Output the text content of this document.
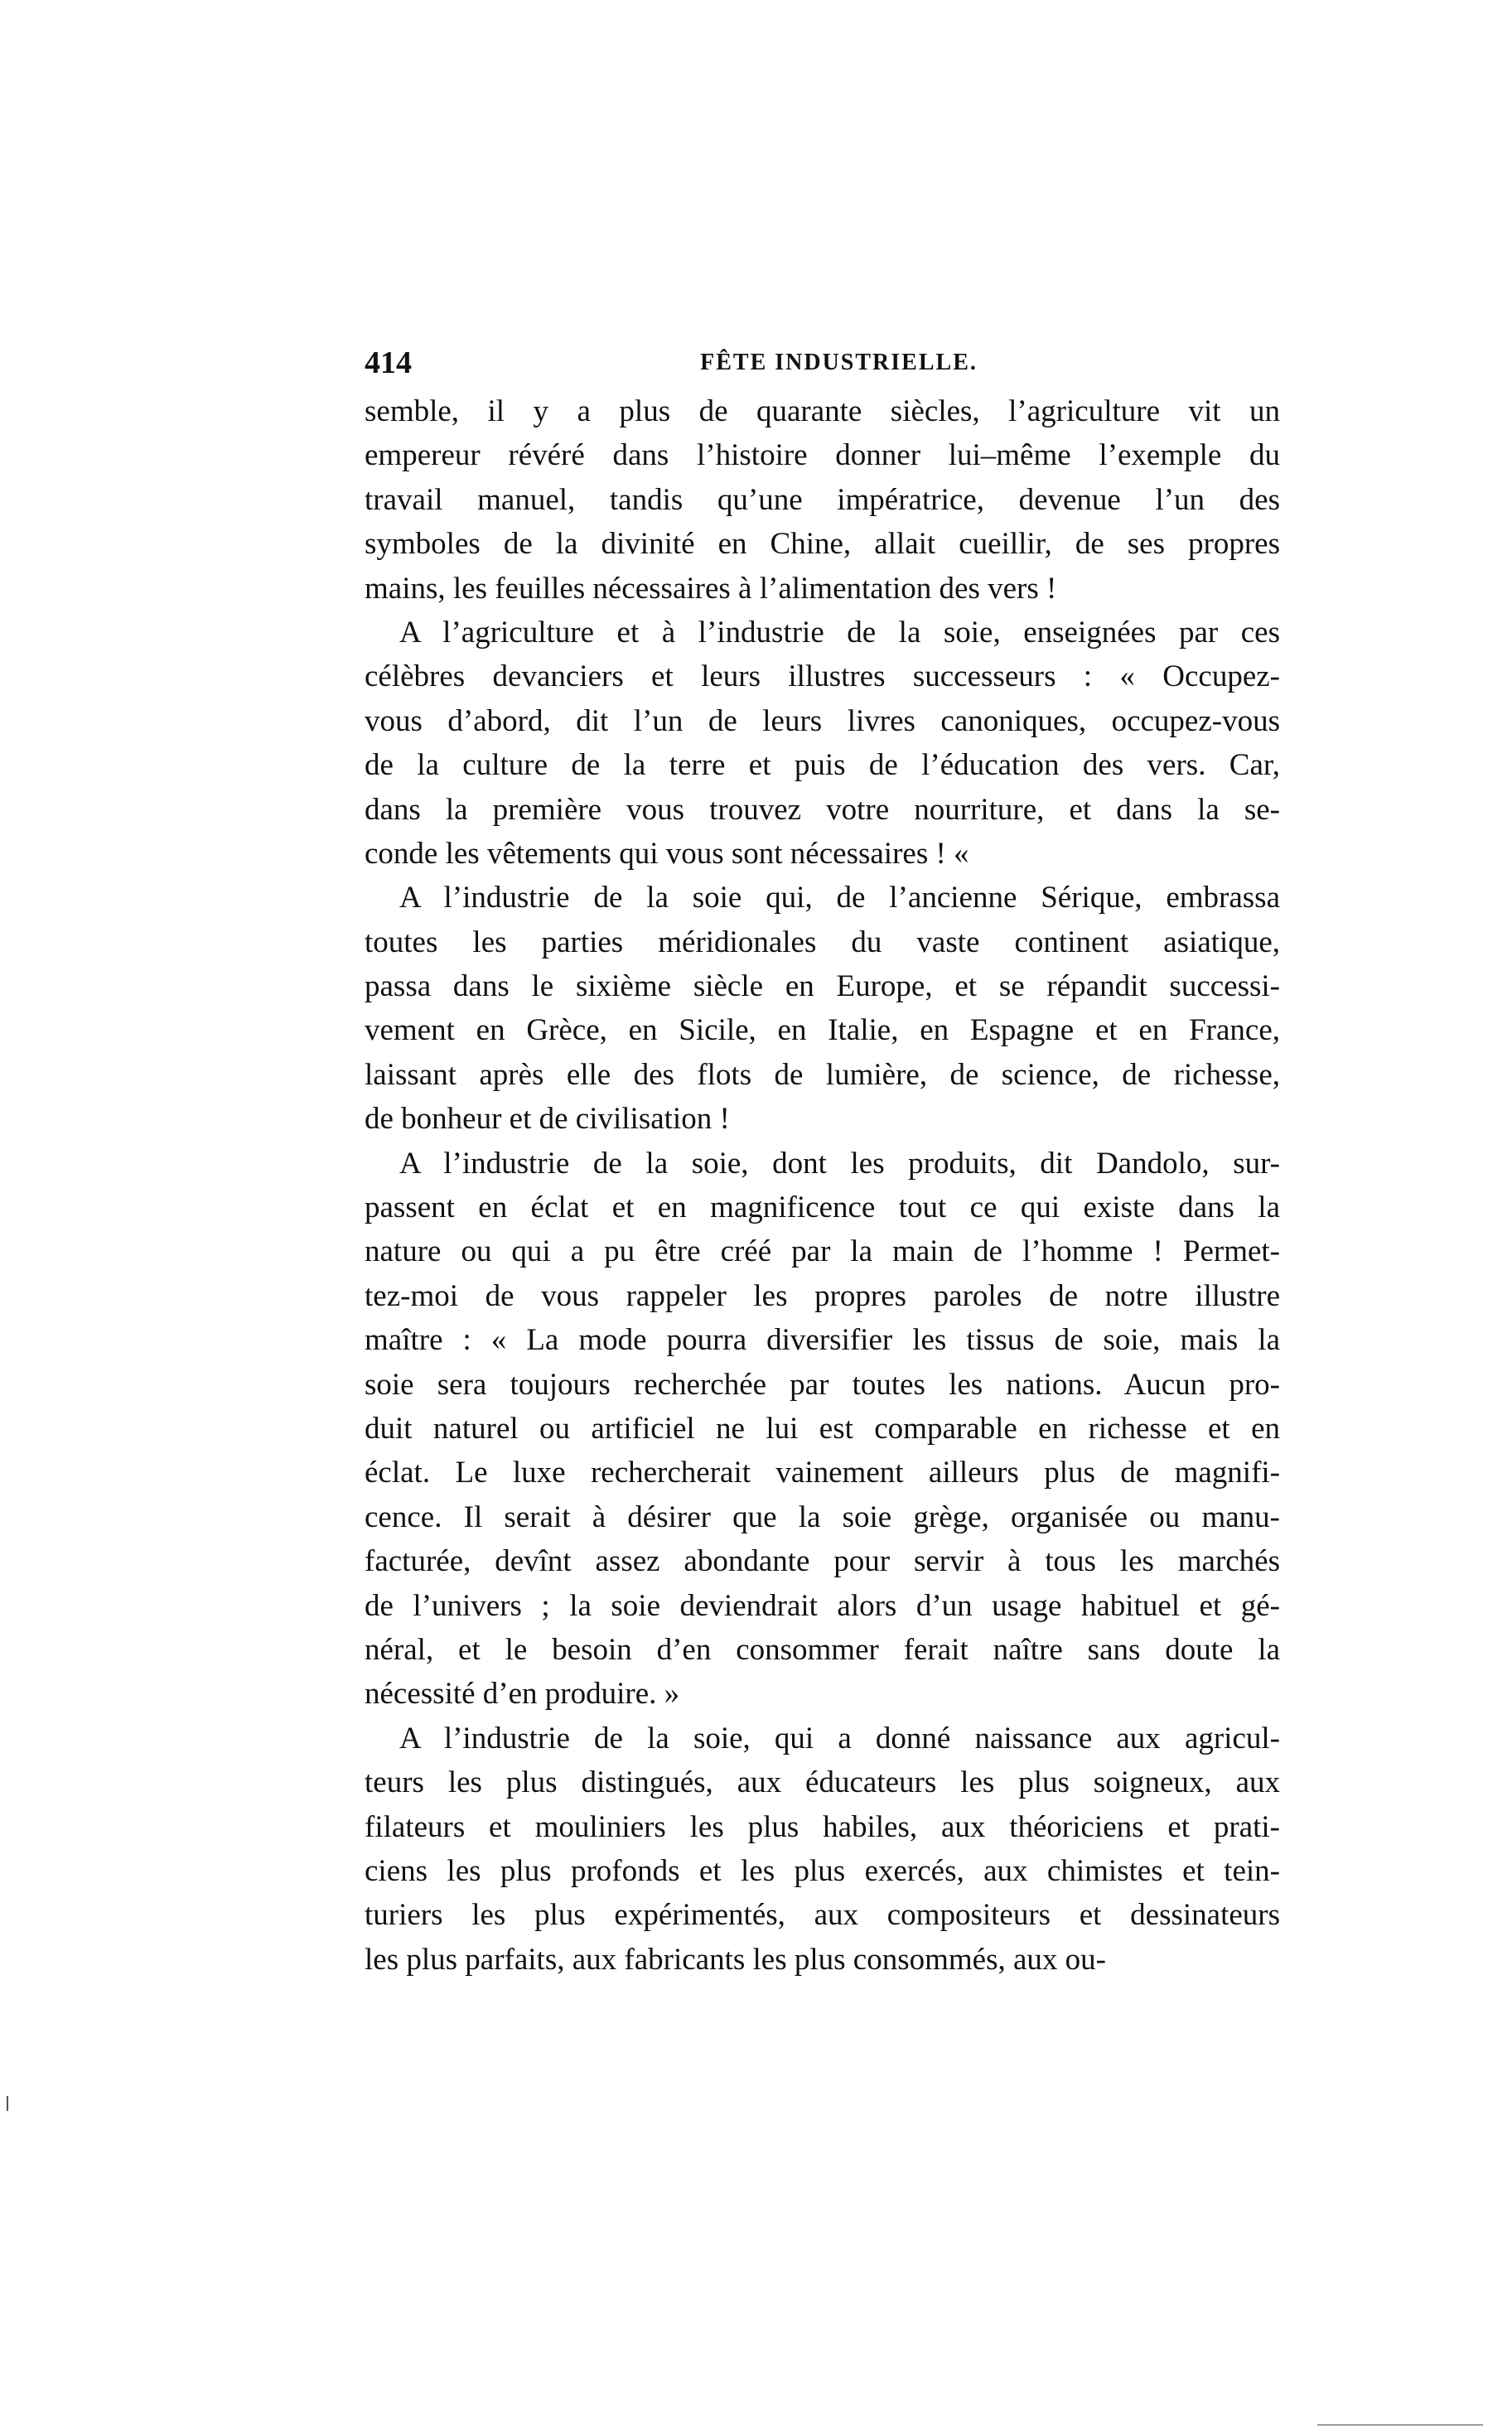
414	FÊTE INDUSTRIELLE.
semble, il y a plus de quarante siècles, l’agriculture vit un
empereur révéré dans l’histoire donner lui–même l’exemple du
travail manuel, tandis qu’une impératrice, devenue l’un des
symboles de la divinité en Chine, allait cueillir, de ses propres
mains, les feuilles nécessaires à l’alimentation des vers !
A l’agriculture et à l’industrie de la soie, enseignées par ces
célèbres devanciers et leurs illustres successeurs : « Occupez-
vous d’abord, dit l’un de leurs livres canoniques, occupez-vous
de la culture de la terre et puis de l’éducation des vers. Car,
dans la première vous trouvez votre nourriture, et dans la se-
conde les vêtements qui vous sont nécessaires ! «
A l’industrie de la soie qui, de l’ancienne Sérique, embrassa
toutes les parties méridionales du vaste continent asiatique,
passa dans le sixième siècle en Europe, et se répandit successi-
vement en Grèce, en Sicile, en Italie, en Espagne et en France,
laissant après elle des flots de lumière, de science, de richesse,
de bonheur et de civilisation !
A l’industrie de la soie, dont les produits, dit Dandolo, sur-
passent en éclat et en magnificence tout ce qui existe dans la
nature ou qui a pu être créé par la main de l’homme ! Permet-
tez-moi de vous rappeler les propres paroles de notre illustre
maître : « La mode pourra diversifier les tissus de soie, mais la
soie sera toujours recherchée par toutes les nations. Aucun pro-
duit naturel ou artificiel ne lui est comparable en richesse et en
éclat. Le luxe rechercherait vainement ailleurs plus de magnifi-
cence. Il serait à désirer que la soie grège, organisée ou manu-
facturée, devînt assez abondante pour servir à tous les marchés
de l’univers ; la soie deviendrait alors d’un usage habituel et gé-
néral, et le besoin d’en consommer ferait naître sans doute la
nécessité d’en produire. »
A l’industrie de la soie, qui a donné naissance aux agricul-
teurs les plus distingués, aux éducateurs les plus soigneux, aux
filateurs et mouliniers les plus habiles, aux théoriciens et prati-
ciens les plus profonds et les plus exercés, aux chimistes et tein-
turiers les plus expérimentés, aux compositeurs et dessinateurs
les plus parfaits, aux fabricants les plus consommés, aux ou-
